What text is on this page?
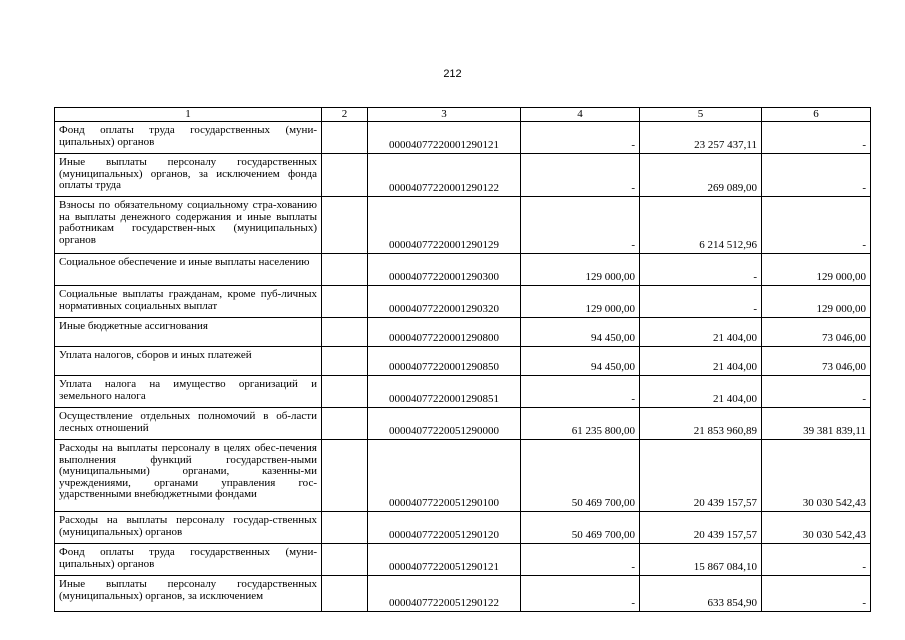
212
1	2	3	4	5	6
Фонд оплаты труда государственных (муни-ципальных) органов		00004077220001290121	-	23 257 437,11	-
Иные выплаты персоналу государственных (муниципальных) органов, за исключением фонда оплаты труда		00004077220001290122	-	269 089,00	-
Взносы по обязательному социальному стра-хованию на выплаты денежного содержания и иные выплаты работникам государствен-ных (муниципальных) органов		00004077220001290129	-	6 214 512,96	-
Социальное обеспечение и иные выплаты населению		00004077220001290300	129 000,00	-	129 000,00
Социальные выплаты гражданам, кроме пуб-личных нормативных социальных выплат		00004077220001290320	129 000,00	-	129 000,00
Иные бюджетные ассигнования		00004077220001290800	94 450,00	21 404,00	73 046,00
Уплата налогов, сборов и иных платежей		00004077220001290850	94 450,00	21 404,00	73 046,00
Уплата налога на имущество организаций и земельного налога		00004077220001290851	-	21 404,00	-
Осуществление отдельных полномочий в об-ласти лесных отношений		00004077220051290000	61 235 800,00	21 853 960,89	39 381 839,11
Расходы на выплаты персоналу в целях обес-печения выполнения функций государствен-ными (муниципальными) органами, казенны-ми учреждениями, органами управления гос-ударственными внебюджетными фондами		00004077220051290100	50 469 700,00	20 439 157,57	30 030 542,43
Расходы на выплаты персоналу государ-ственных (муниципальных) органов		00004077220051290120	50 469 700,00	20 439 157,57	30 030 542,43
Фонд оплаты труда государственных (муни-ципальных) органов		00004077220051290121	-	15 867 084,10	-
Иные выплаты персоналу государственных (муниципальных) органов, за исключением		00004077220051290122	-	633 854,90	-
